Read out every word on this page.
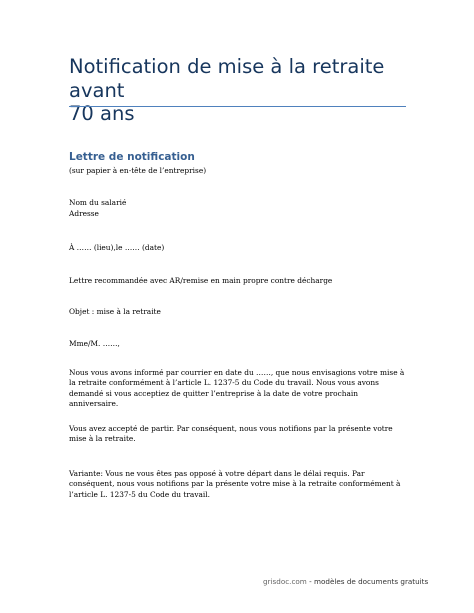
Notification de mise à la retraite avant
70 ans
Lettre de notification
(sur papier à en-tête de l’entreprise)
Nom du salarié
Adresse
À …… (lieu),le …… (date)
Lettre recommandée avec AR/remise en main propre contre décharge
Objet : mise à la retraite
Mme/M. ……,
Nous vous avons informé par courrier en date du ……, que nous envisagions votre mise à la retraite conformément à l’article L. 1237-5 du Code du travail. Nous vous avons demandé si vous acceptiez de quitter l’entreprise à la date de votre prochain anniversaire.
Vous avez accepté de partir. Par conséquent, nous vous notifions par la présente votre mise à la retraite.
Variante: Vous ne vous êtes pas opposé à votre départ dans le délai requis. Par conséquent, nous vous notifions par la présente votre mise à la retraite conformément à l’article L. 1237-5 du Code du travail.
grisdoc.com - modèles de documents gratuits
